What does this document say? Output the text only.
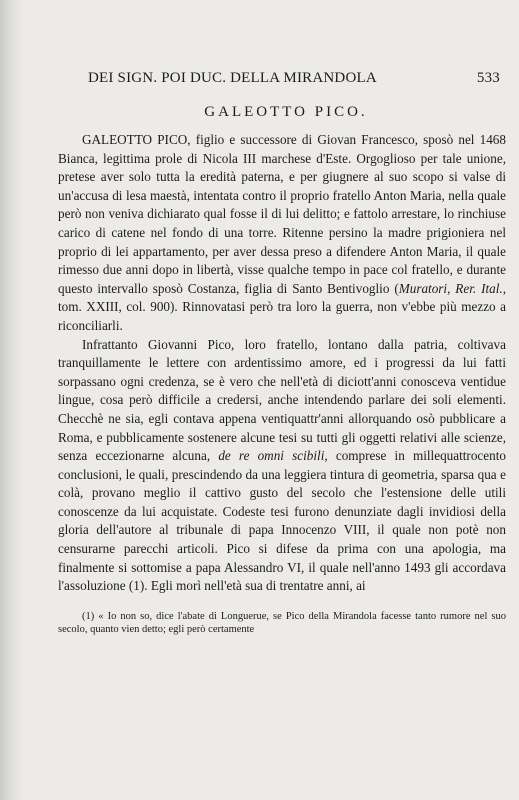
DEI SIGN. POI DUC. DELLA MIRANDOLA	533
GALEOTTO PICO.

GALEOTTO PICO, figlio e successore di Giovan Francesco, sposò nel 1468 Bianca, legittima prole di Nicola III marchese d'Este. Orgoglioso per tale unione, pretese aver solo tutta la eredità paterna, e per giugnere al suo scopo si valse di un'accusa di lesa maestà, intentata contro il proprio fratello Anton Maria, nella quale però non veniva dichiarato qual fosse il di lui delitto; e fattolo arrestare, lo rinchiuse carico di catene nel fondo di una torre. Ritenne persino la madre prigioniera nel proprio di lei appartamento, per aver dessa preso a difendere Anton Maria, il quale rimesso due anni dopo in libertà, visse qualche tempo in pace col fratello, e durante questo intervallo sposò Costanza, figlia di Santo Bentivoglio (Muratori, Rer. Ital., tom. XXIII, col. 900). Rinnovatasi però tra loro la guerra, non v'ebbe più mezzo a riconciliarli.

Infrattanto Giovanni Pico, loro fratello, lontano dalla patria, coltivava tranquillamente le lettere con ardentissimo amore, ed i progressi da lui fatti sorpassano ogni credenza, se è vero che nell'età di diciott'anni conosceva ventidue lingue, cosa però difficile a credersi, anche intendendo parlare dei soli elementi. Checchè ne sia, egli contava appena ventiquattr'anni allorquando osò pubblicare a Roma, e pubblicamente sostenere alcune tesi su tutti gli oggetti relativi alle scienze, senza eccezionarne alcuna, de re omni scibili, comprese in millequattrocento conclusioni, le quali, prescindendo da una leggiera tintura di geometria, sparsa qua e colà, provano meglio il cattivo gusto del secolo che l'estensione delle utili conoscenze da lui acquistate. Codeste tesi furono denunziate dagli invidiosi della gloria dell'autore al tribunale di papa Innocenzo VIII, il quale non potè non censurarne parecchi articoli. Pico si difese da prima con una apologia, ma finalmente si sottomise a papa Alessandro VI, il quale nell'anno 1493 gli accordava l'assoluzione (1). Egli morì nell'età sua di trentatre anni, ai

(1) « Io non so, dice l'abate di Longuerue, se Pico della Mirandola facesse tanto rumore nel suo secolo, quanto vien detto; egli però certamente
